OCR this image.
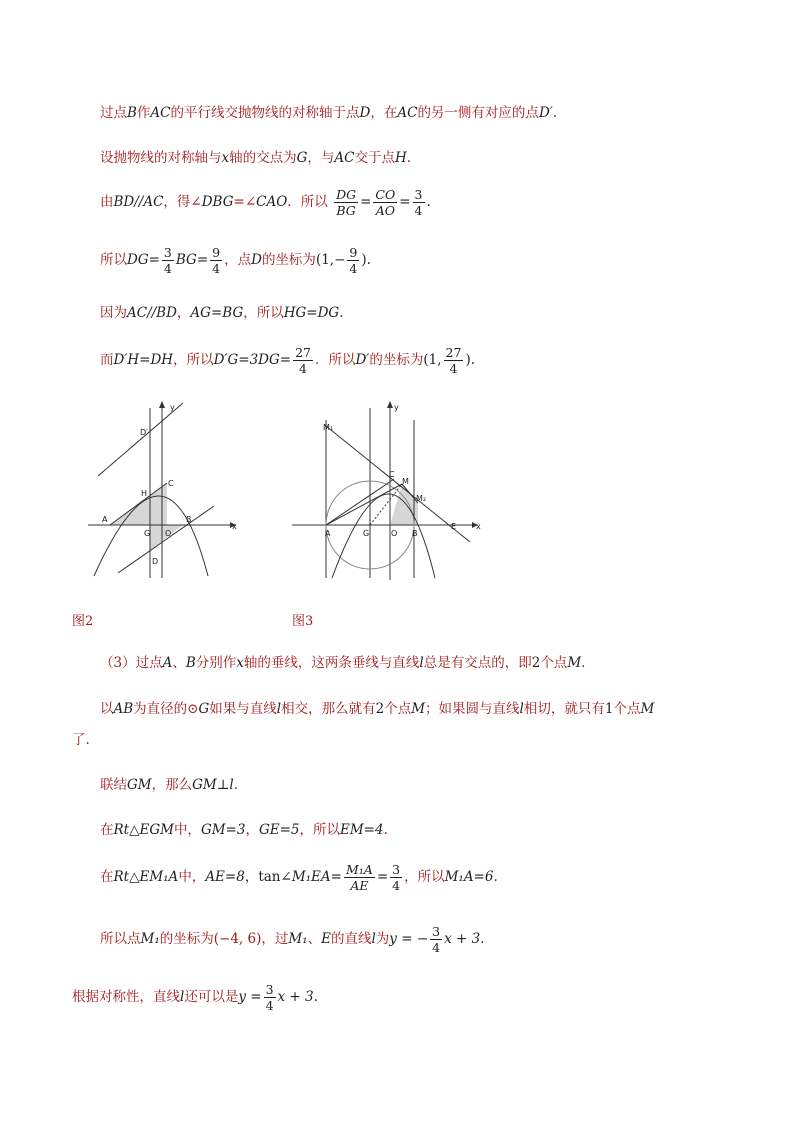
过点B作AC的平行线交抛物线的对称轴于点D，在AC的另一侧有对应的点D′.
设抛物线的对称轴与x轴的交点为G，与AC交于点H.
由BD//AC，得∠DBG=∠CAO．所以 $\frac{DG}{BG} = \frac{CO}{AO} = \frac{3}{4}$ .
所以$DG= \frac{3}{4} BG= \frac{9}{4}$ ，点D的坐标为($1,- \frac{9}{4}$ ).
因为AC//BD，AG=BG，所以HG=DG.
而D′H=DH，所以$D'G=3DG= \frac{27}{4}$ ．所以D′的坐标为(1, $\frac{27}{4}$ ).
y
x
D′
C
H
A
G O
B
D
图2
M₁
y
x
C
M
M₂
A	G	O B
E
图3
（3）过点A、B分别作x轴的垂线，这两条垂线与直线l总是有交点的，即2个点M.
以AB为直径的⊙G如果与直线l相交，那么就有2个点M；如果圆与直线l相切，就只有1个点M
了.
联结GM，那么GM⊥l.
在Rt△EGM中，GM=3，GE=5，所以EM=4.
在Rt△EM₁A中，AE=8，tan∠M₁EA= $\frac{\text{M₁A}}{AE} = \frac{3}{4}$ ，所以M₁A=6.
所以点M₁的坐标为(−4, 6)，过M₁、E的直线l为y = − $\frac{3}{4}$ x + 3.
根据对称性，直线l还可以是$y = \frac{3}{4}$ x + 3.
